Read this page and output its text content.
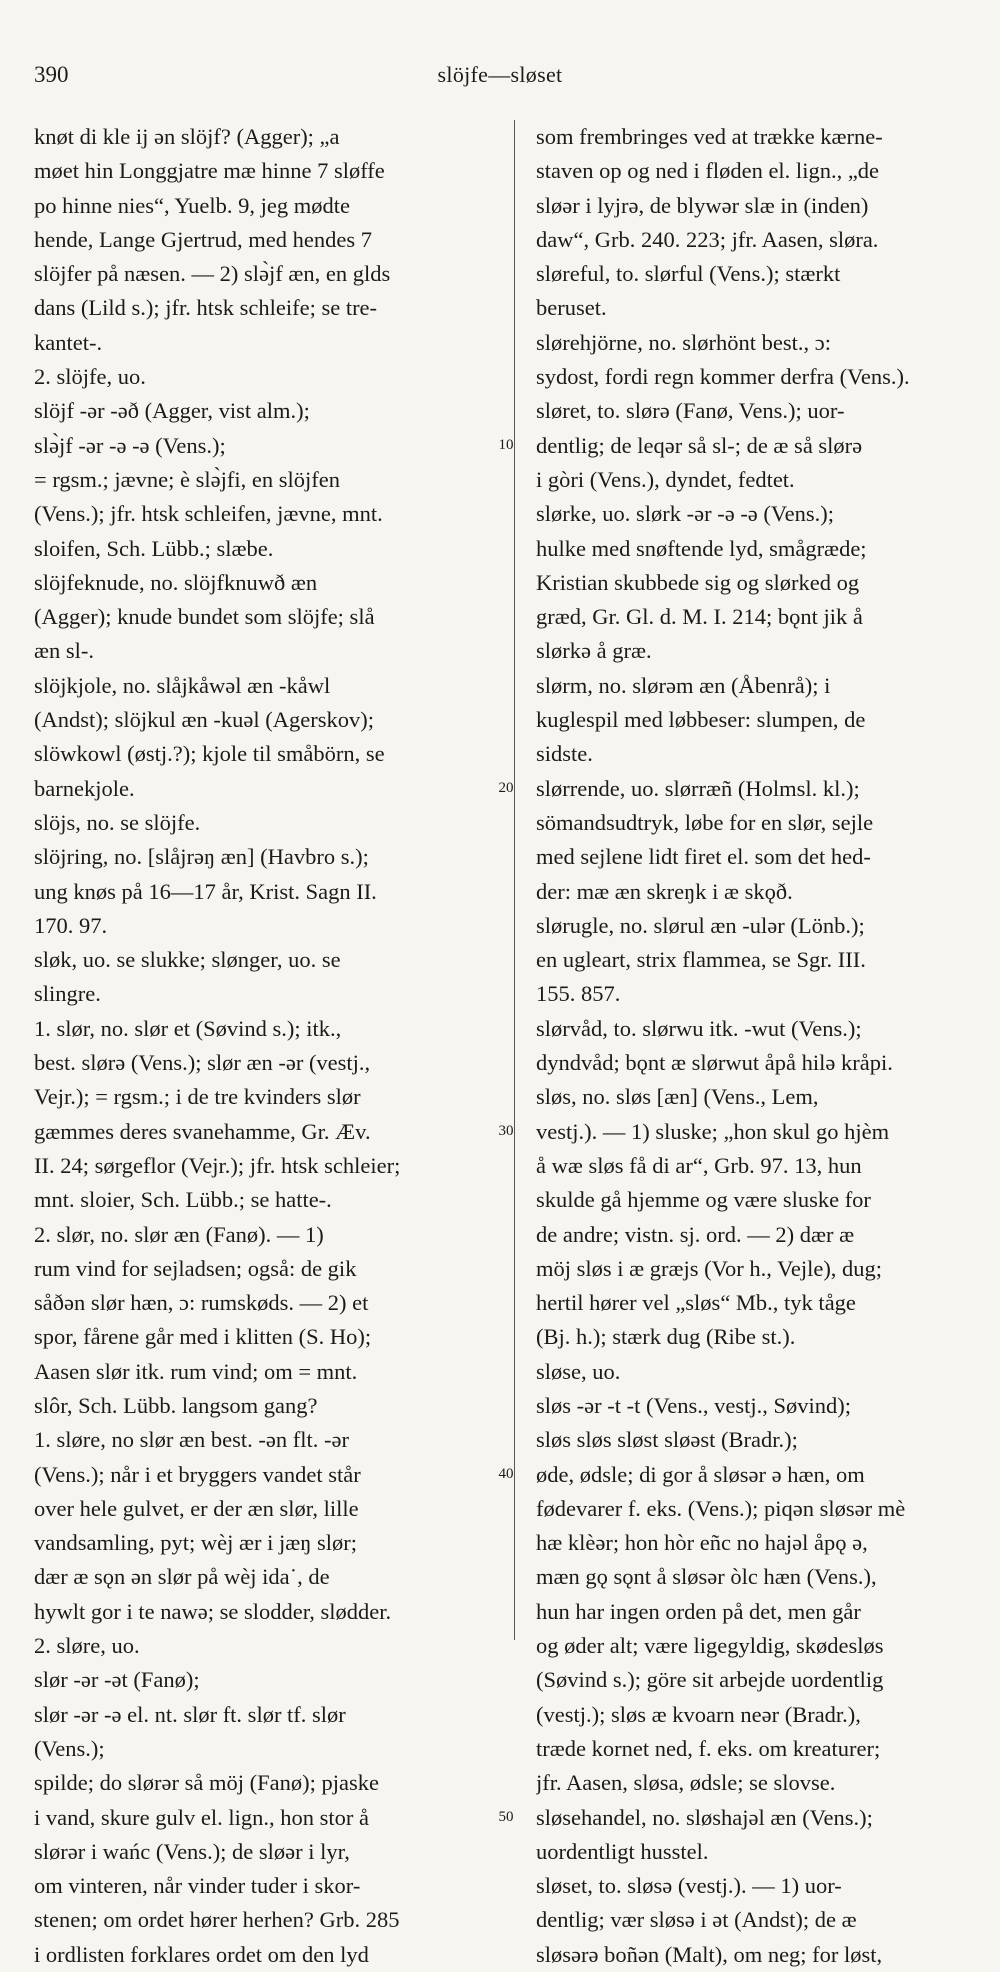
390	slöjfe—sløset
knøt di kle ij ən slöjf? (Agger); „a
møet hin Longgjatre mæ hinne 7 sløffe
po hinne nies“, Yuelb. 9, jeg mødte
hende, Lange Gjertrud, med hendes 7
slöjfer på næsen. — 2) slə̀jf æn, en glds
dans (Lild s.); jfr. htsk schleife; se tre-
kantet-.
2. slöjfe, uo.
slöjf -ər -əð (Agger, vist alm.);
slə̀jf -ər -ə -ə (Vens.);
= rgsm.; jævne; è slə̀jfi, en slöjfen
(Vens.); jfr. htsk schleifen, jævne, mnt.
sloifen, Sch. Lübb.; slæbe.
slöjfeknude, no. slöjfknuwð æn
(Agger); knude bundet som slöjfe; slå
æn sl-.
slöjkjole, no. slåjkåwəl æn -kåwl
(Andst); slöjkul æn -kuəl (Agerskov);
slöwkowl (østj.?); kjole til småbörn, se
barnekjole.
slöjs, no. se slöjfe.
slöjring, no. [slåjrəŋ æn] (Havbro s.);
ung knøs på 16—17 år, Krist. Sagn II.
170. 97.
sløk, uo. se slukke; slønger, uo. se
slingre.
1. slør, no. slør et (Søvind s.); itk.,
best. slørə (Vens.); slør æn -ər (vestj.,
Vejr.); = rgsm.; i de tre kvinders slør
gæmmes deres svanehamme, Gr. Æv.
II. 24; sørgeflor (Vejr.); jfr. htsk schleier;
mnt. sloier, Sch. Lübb.; se hatte-.
2. slør, no. slør æn (Fanø). — 1)
rum vind for sejladsen; også: de gik
såðən slør hæn, ɔ: rumskøds. — 2) et
spor, fårene går med i klitten (S. Ho);
Aasen slør itk. rum vind; om = mnt.
slôr, Sch. Lübb. langsom gang?
1. sløre, no slør æn best. -ən flt. -ər
(Vens.); når i et bryggers vandet står
over hele gulvet, er der æn slør, lille
vandsamling, pyt; wèj ær i jæŋ slør;
dær æ sǫn ən slør på wèj ida˙, de
hywlt gor i te nawə; se slodder, slødder.
2. sløre, uo.
slør -ər -ət (Fanø);
slør -ər -ə el. nt. slør ft. slør tf. slør
(Vens.);
spilde; do slørər så möj (Fanø); pjaske
i vand, skure gulv el. lign., hon stor å
slørər i wańc (Vens.); de sløər i lyr,
om vinteren, når vinder tuder i skor-
stenen; om ordet hører herhen? Grb. 285
i ordlisten forklares ordet om den lyd
som frembringes ved at trække kærne-
staven op og ned i fløden el. lign., „de
sløər i lyjrə, de blywər slæ in (inden)
daw“, Grb. 240. 223; jfr. Aasen, sløra.
sløreful, to. slørful (Vens.); stærkt
beruset.
slørehjörne, no. slørhönt best., ɔ:
sydost, fordi regn kommer derfra (Vens.).
sløret, to. slørə (Fanø, Vens.); uor-
dentlig; de leqər så sl-; de æ så slørə
i gòri (Vens.), dyndet, fedtet.
slørke, uo. slørk -ər -ə -ə (Vens.);
hulke med snøftende lyd, smågræde;
Kristian skubbede sig og slørked og
græd, Gr. Gl. d. M. I. 214; bǫnt jik å
slørkə å græ.
slørm, no. slørəm æn (Åbenrå); i
kuglespil med løbbeser: slumpen, de
sidste.
slørrende, uo. slørræñ (Holmsl. kl.);
sömandsudtryk, løbe for en slør, sejle
med sejlene lidt firet el. som det hed-
der: mæ æn skreŋk i æ skǫð.
slørugle, no. slørul æn -ulər (Lönb.);
en ugleart, strix flammea, se Sgr. III.
155. 857.
slørvåd, to. slørwu itk. -wut (Vens.);
dyndvåd; bǫnt æ slørwut åpå hilə kråpi.
sløs, no. sløs [æn] (Vens., Lem,
vestj.). — 1) sluske; „hon skul go hjèm
å wæ sløs få di ar“, Grb. 97. 13, hun
skulde gå hjemme og være sluske for
de andre; vistn. sj. ord. — 2) dær æ
möj sløs i æ græjs (Vor h., Vejle), dug;
hertil hører vel „sløs“ Mb., tyk tåge
(Bj. h.); stærk dug (Ribe st.).
sløse, uo.
sløs -ər -t -t (Vens., vestj., Søvind);
sløs sløs sløst sløəst (Bradr.);
øde, ødsle; di gor å sløsər ə hæn, om
fødevarer f. eks. (Vens.); piqən sløsər mè
hæ klèər; hon hòr eñc no hajəl åpǫ ə,
mæn gǫ sǫnt å sløsər òlc hæn (Vens.),
hun har ingen orden på det, men går
og øder alt; være ligegyldig, skødesløs
(Søvind s.); göre sit arbejde uordentlig
(vestj.); sløs æ kvoarn neər (Bradr.),
træde kornet ned, f. eks. om kreaturer;
jfr. Aasen, sløsa, ødsle; se slovse.
sløsehandel, no. sløshajəl æn (Vens.);
uordentligt husstel.
sløset, to. sløsə (vestj.). — 1) uor-
dentlig; vær sløsə i ət (Andst); de æ
sløsərə boñən (Malt), om neg; for løst,
10
20
30
40
50
